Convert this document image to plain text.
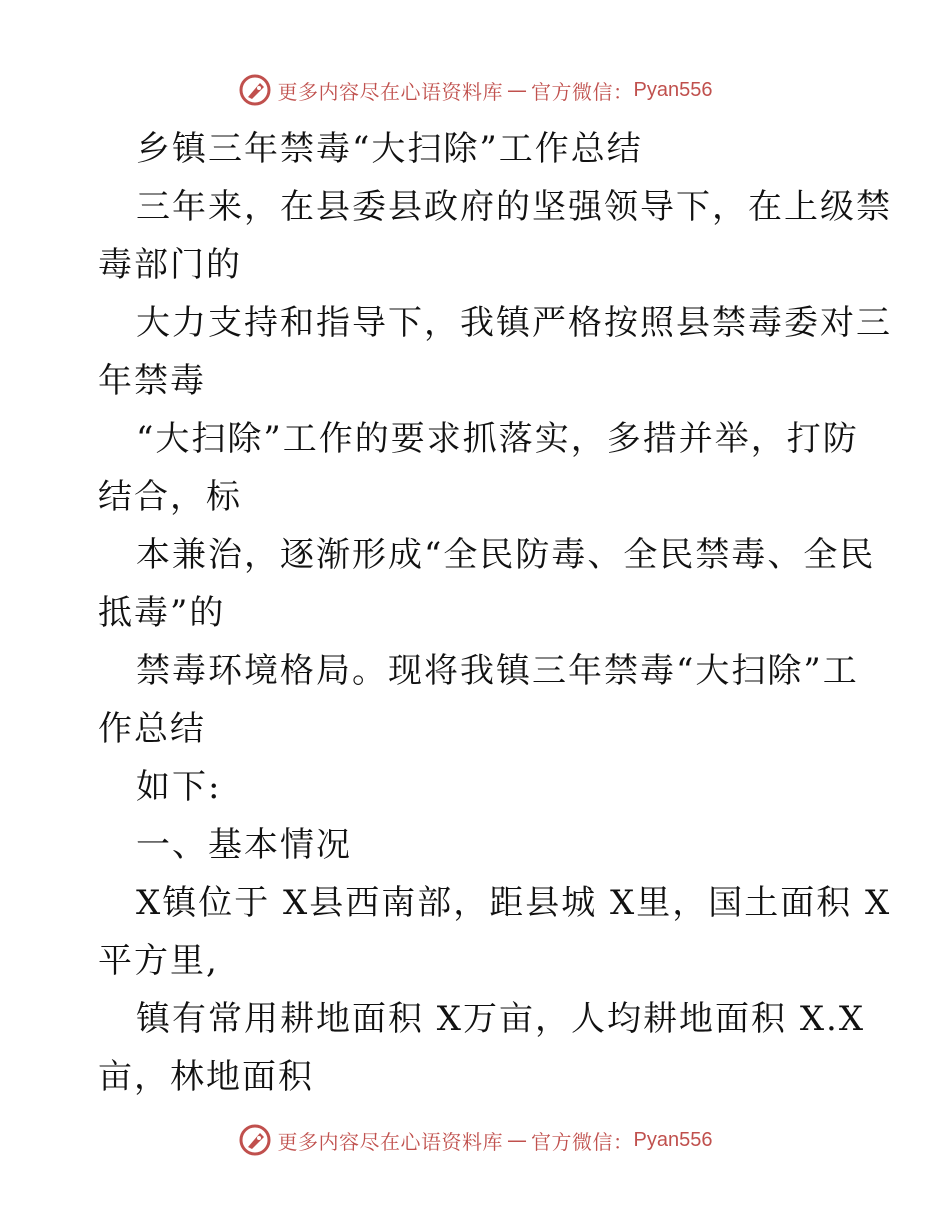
更多内容尽在心语资料库 — 官方微信： Pyan556
乡镇三年禁毒“大扫除”工作总结
三年来，在县委县政府的坚强领导下，在上级禁
毒部门的
大力支持和指导下，我镇严格按照县禁毒委对三
年禁毒
“大扫除”工作的要求抓落实，多措并举，打防
结合，标
本兼治，逐渐形成“全民防毒、全民禁毒、全民
抵毒”的
禁毒环境格局。现将我镇三年禁毒“大扫除”工
作总结
如下:
一、基本情况
X镇位于 X县西南部，距县城 X里，国土面积 X
平方里,
镇有常用耕地面积 X万亩，人均耕地面积 X.X
亩，林地面积
更多内容尽在心语资料库 — 官方微信： Pyan556
